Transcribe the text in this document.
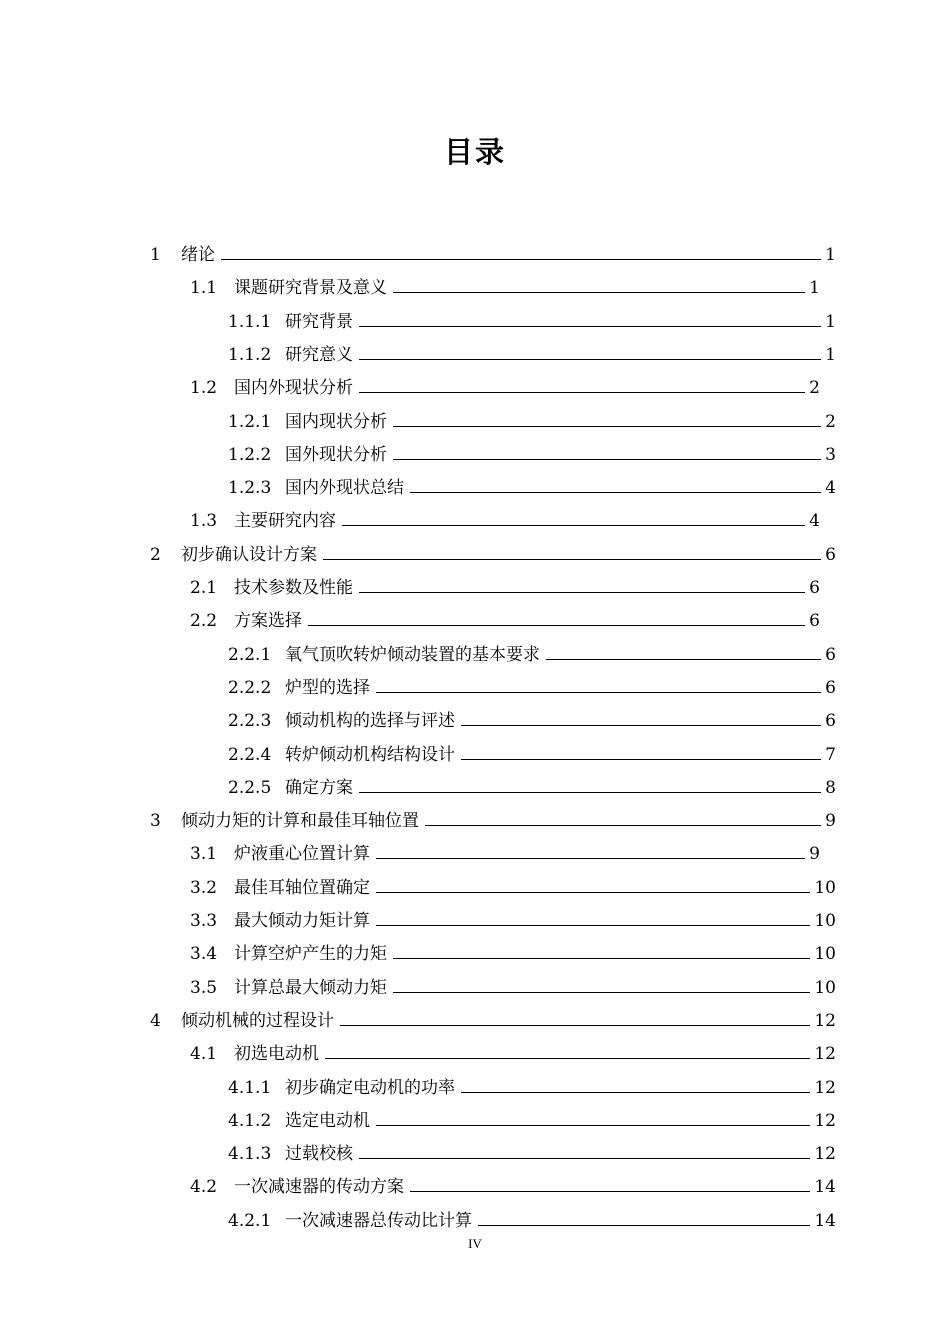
目录
1	绪论	1
1.1 课题研究背景及意义	1
1.1.1 研究背景	1
1.1.2 研究意义	1
1.2 国内外现状分析	2
1.2.1 国内现状分析	2
1.2.2 国外现状分析	3
1.2.3 国内外现状总结	4
1.3 主要研究内容	4
2	初步确认设计方案	6
2.1 技术参数及性能	6
2.2 方案选择	6
2.2.1 氧气顶吹转炉倾动装置的基本要求	6
2.2.2 炉型的选择	6
2.2.3 倾动机构的选择与评述	6
2.2.4 转炉倾动机构结构设计	7
2.2.5 确定方案	8
3	倾动力矩的计算和最佳耳轴位置	9
3.1 炉液重心位置计算	9
3.2 最佳耳轴位置确定	10
3.3 最大倾动力矩计算	10
3.4 计算空炉产生的力矩	10
3.5 计算总最大倾动力矩	10
4	倾动机械的过程设计	12
4.1 初选电动机	12
4.1.1 初步确定电动机的功率	12
4.1.2 选定电动机	12
4.1.3 过载校核	12
4.2 一次减速器的传动方案	14
4.2.1 一次减速器总传动比计算	14
IV
